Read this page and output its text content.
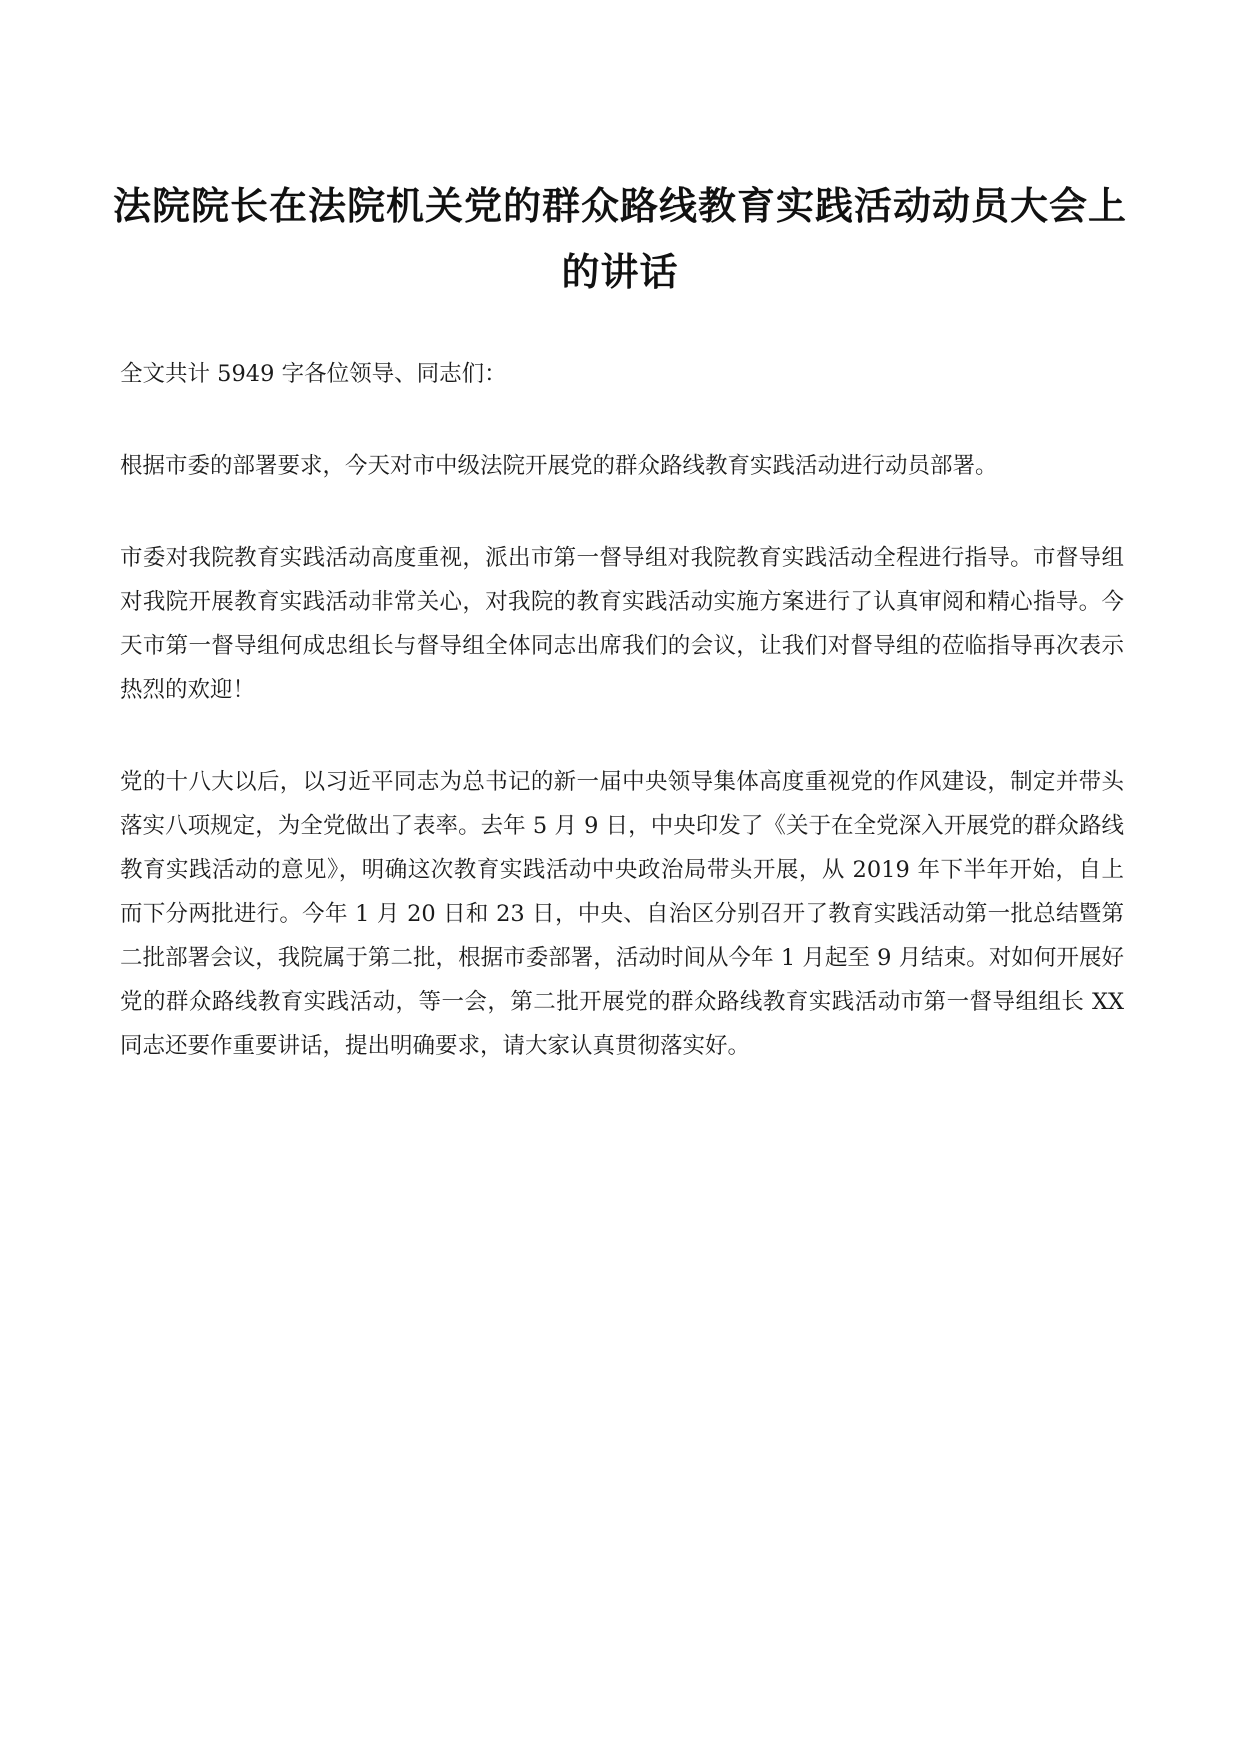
法院院长在法院机关党的群众路线教育实践活动动员大会上
的讲话

全文共计 5949 字各位领导、同志们：

根据市委的部署要求，今天对市中级法院开展党的群众路线教育实践活动进行动员部署。

市委对我院教育实践活动高度重视，派出市第一督导组对我院教育实践活动全程进行指导。市督导组对我院开展教育实践活动非常关心，对我院的教育实践活动实施方案进行了认真审阅和精心指导。今天市第一督导组何成忠组长与督导组全体同志出席我们的会议，让我们对督导组的莅临指导再次表示热烈的欢迎！

党的十八大以后，以习近平同志为总书记的新一届中央领导集体高度重视党的作风建设，制定并带头落实八项规定，为全党做出了表率。去年 5 月 9 日，中央印发了《关于在全党深入开展党的群众路线教育实践活动的意见》，明确这次教育实践活动中央政治局带头开展，从 2019 年下半年开始，自上而下分两批进行。今年 1 月 20 日和 23 日，中央、自治区分别召开了教育实践活动第一批总结暨第二批部署会议，我院属于第二批，根据市委部署，活动时间从今年 1 月起至 9 月结束。对如何开展好党的群众路线教育实践活动，等一会，第二批开展党的群众路线教育实践活动市第一督导组组长 XX 同志还要作重要讲话，提出明确要求，请大家认真贯彻落实好。
